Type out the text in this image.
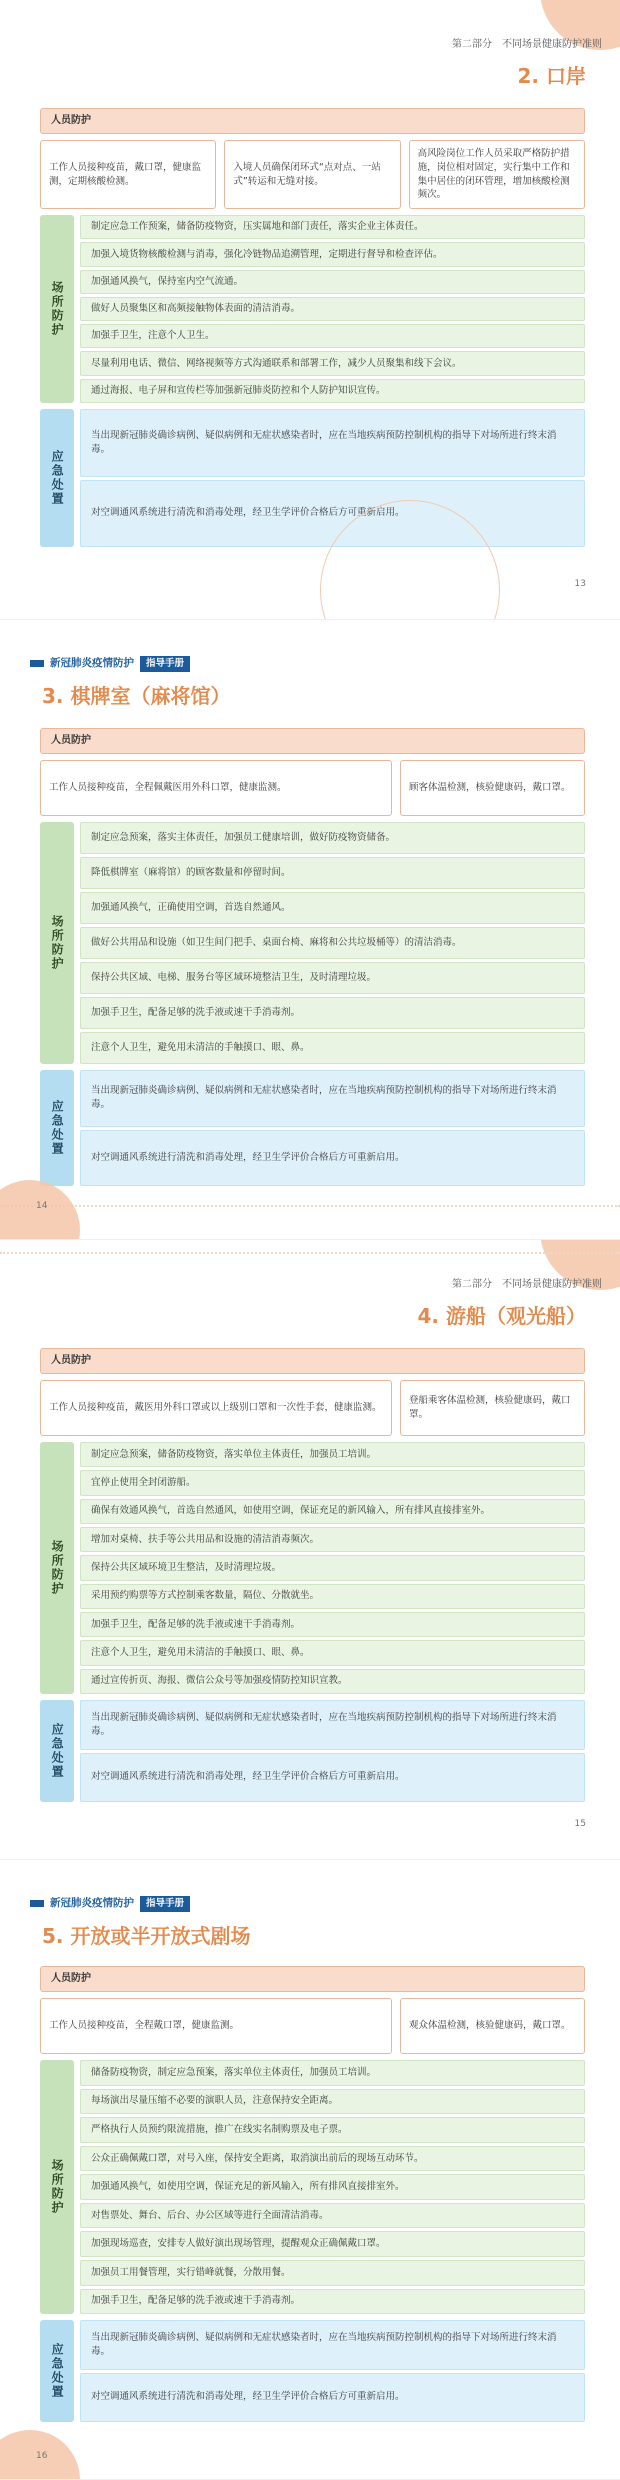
第二部分　不同场景健康防护准则
2. 口岸
人员防护
工作人员接种疫苗，戴口罩，健康监测，定期核酸检测。
入境人员确保闭环式“点对点、一站式”转运和无缝对接。
高风险岗位工作人员采取严格防护措施，岗位相对固定，实行集中工作和集中居住的闭环管理，增加核酸检测频次。
场所防护
制定应急工作预案，储备防疫物资，压实属地和部门责任，落实企业主体责任。
加强入境货物核酸检测与消毒，强化冷链物品追溯管理，定期进行督导和检查评估。
加强通风换气，保持室内空气流通。
做好人员聚集区和高频接触物体表面的清洁消毒。
加强手卫生，注意个人卫生。
尽量利用电话、微信、网络视频等方式沟通联系和部署工作，减少人员聚集和线下会议。
通过海报、电子屏和宣传栏等加强新冠肺炎防控和个人防护知识宣传。
应急处置
当出现新冠肺炎确诊病例、疑似病例和无症状感染者时，应在当地疾病预防控制机构的指导下对场所进行终末消毒。
对空调通风系统进行清洗和消毒处理，经卫生学评价合格后方可重新启用。
13
新冠肺炎疫情防护	指导手册
3. 棋牌室（麻将馆）
人员防护
工作人员接种疫苗，全程佩戴医用外科口罩，健康监测。	顾客体温检测，核验健康码，戴口罩。
场所防护
制定应急预案，落实主体责任，加强员工健康培训，做好防疫物资储备。
降低棋牌室（麻将馆）的顾客数量和停留时间。
加强通风换气，正确使用空调，首选自然通风。
做好公共用品和设施（如卫生间门把手、桌面台椅、麻将和公共垃圾桶等）的清洁消毒。
保持公共区域、电梯、服务台等区域环境整洁卫生，及时清理垃圾。
加强手卫生，配备足够的洗手液或速干手消毒剂。
注意个人卫生，避免用未清洁的手触摸口、眼、鼻。
应急处置
当出现新冠肺炎确诊病例、疑似病例和无症状感染者时，应在当地疾病预防控制机构的指导下对场所进行终末消毒。
对空调通风系统进行清洗和消毒处理，经卫生学评价合格后方可重新启用。
14
第二部分　不同场景健康防护准则
4. 游船（观光船）
人员防护
工作人员接种疫苗，戴医用外科口罩或以上级别口罩和一次性手套，健康监测。
登船乘客体温检测，核验健康码，戴口罩。
场所防护
制定应急预案，储备防疫物资，落实单位主体责任，加强员工培训。
宜停止使用全封闭游船。
确保有效通风换气，首选自然通风，如使用空调，保证充足的新风输入，所有排风直接排室外。
增加对桌椅、扶手等公共用品和设施的清洁消毒频次。
保持公共区域环境卫生整洁，及时清理垃圾。
采用预约购票等方式控制乘客数量，隔位、分散就坐。
加强手卫生，配备足够的洗手液或速干手消毒剂。
注意个人卫生，避免用未清洁的手触摸口、眼、鼻。
通过宣传折页、海报、微信公众号等加强疫情防控知识宣教。
应急处置
当出现新冠肺炎确诊病例、疑似病例和无症状感染者时，应在当地疾病预防控制机构的指导下对场所进行终末消毒。
对空调通风系统进行清洗和消毒处理，经卫生学评价合格后方可重新启用。
15
新冠肺炎疫情防护	指导手册
5. 开放或半开放式剧场
人员防护
工作人员接种疫苗，全程戴口罩，健康监测。	观众体温检测，核验健康码，戴口罩。
场所防护
储备防疫物资，制定应急预案，落实单位主体责任，加强员工培训。
每场演出尽量压缩不必要的演职人员，注意保持安全距离。
严格执行人员预约限流措施，推广在线实名制购票及电子票。
公众正确佩戴口罩，对号入座，保持安全距离，取消演出前后的现场互动环节。
加强通风换气，如使用空调，保证充足的新风输入，所有排风直接排室外。
对售票处、舞台、后台、办公区域等进行全面清洁消毒。
加强现场巡查，安排专人做好演出现场管理，提醒观众正确佩戴口罩。
加强员工用餐管理，实行错峰就餐，分散用餐。
加强手卫生，配备足够的洗手液或速干手消毒剂。
应急处置
当出现新冠肺炎确诊病例、疑似病例和无症状感染者时，应在当地疾病预防控制机构的指导下对场所进行终末消毒。
对空调通风系统进行清洗和消毒处理，经卫生学评价合格后方可重新启用。
16
